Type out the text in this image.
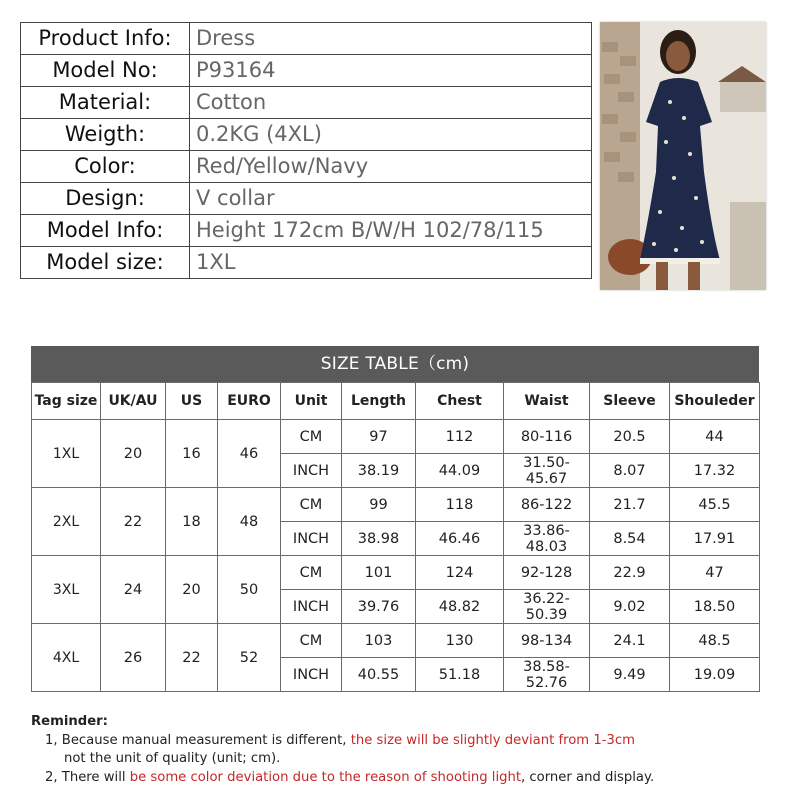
Product Info:	Dress
Model No:	P93164
Material:	Cotton
Weigth:	0.2KG (4XL)
Color:	Red/Yellow/Navy
Design:	V collar
Model Info:	Height 172cm B/W/H 102/78/115
Model size:	1XL
SIZE TABLE（cm)
Tag size	UK/AU	US	EURO	Unit	Length	Chest	Waist	Sleeve	Shouleder
1XL	20	16	46	CM	97	112	80-116	20.5	44
				INCH	38.19	44.09	31.50-45.67	8.07	17.32
2XL	22	18	48	CM	99	118	86-122	21.7	45.5
				INCH	38.98	46.46	33.86-48.03	8.54	17.91
3XL	24	20	50	CM	101	124	92-128	22.9	47
				INCH	39.76	48.82	36.22-50.39	9.02	18.50
4XL	26	22	52	CM	103	130	98-134	24.1	48.5
				INCH	40.55	51.18	38.58-52.76	9.49	19.09
Reminder:
1, Because manual measurement is different, the size will be slightly deviant from 1-3cm
not the unit of quality (unit; cm).
2, There will be some color deviation due to the reason of shooting light, corner and display.
